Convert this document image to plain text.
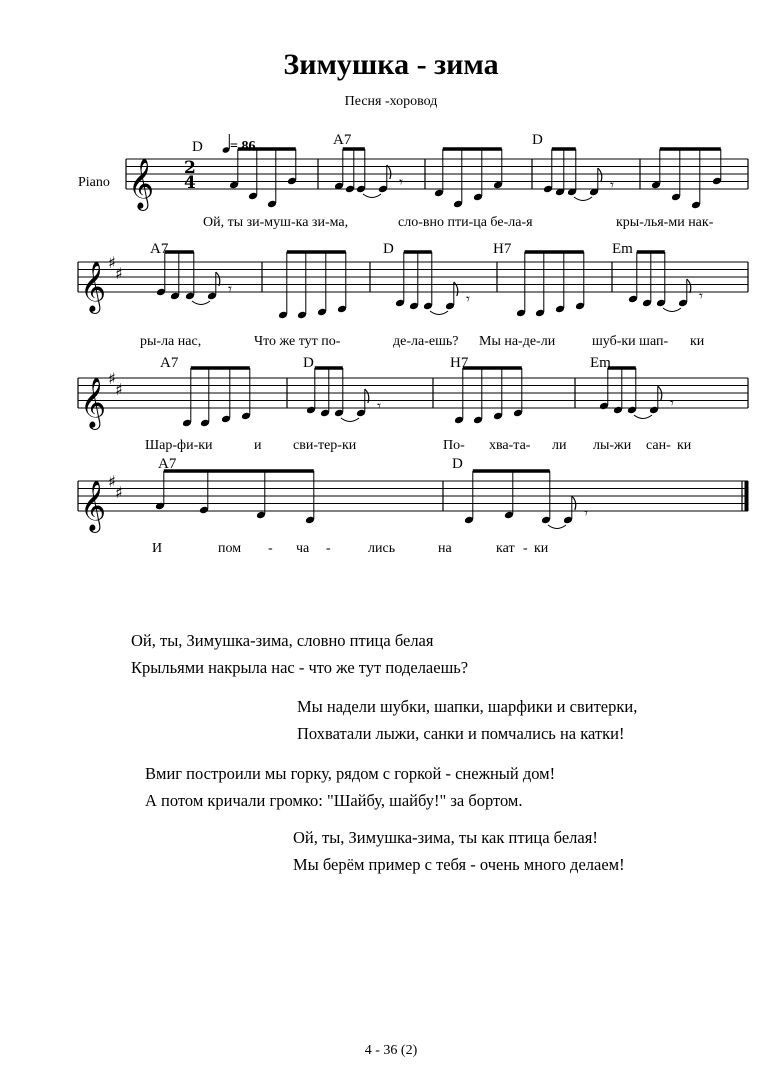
Зимушка - зима
Песня -хоровод
Piano
= 86
D	A7	D
A7	D	H7	Em
A7	D	H7	Em
A7	D
Ой, ты зи-муш-ка зи-ма,	сло-вно пти-ца бе-ла-я	кры-лья-ми нак-
ры-ла нас,	Что же тут по-	де-ла-ешь? Мы на-де-ли	шуб-ки шап- ки
Шар-фи-ки	и сви-тер-ки	По- хва-та- ли лы-жи сан- ки
И	пом - ча -	лись	на	кат - ки
𝄞 2
4
𝄞 ♯
♯
𝄞 ♯
♯
𝄞 ♯
♯
𝄾	𝄾
𝄾
𝄾	𝄾
𝄾	𝄾
𝄾
Ой, ты, Зимушка-зима, словно птица белая
Крыльями накрыла нас - что же тут поделаешь?
Мы надели шубки, шапки, шарфики и свитерки,
Похватали лыжи, санки и помчались на катки!
Вмиг построили мы горку, рядом с горкой - снежный дом!
А потом кричали громко: "Шайбу, шайбу!" за бортом.
Ой, ты, Зимушка-зима, ты как птица белая!
Мы берём пример с тебя - очень много делаем!
4 - 36 (2)
